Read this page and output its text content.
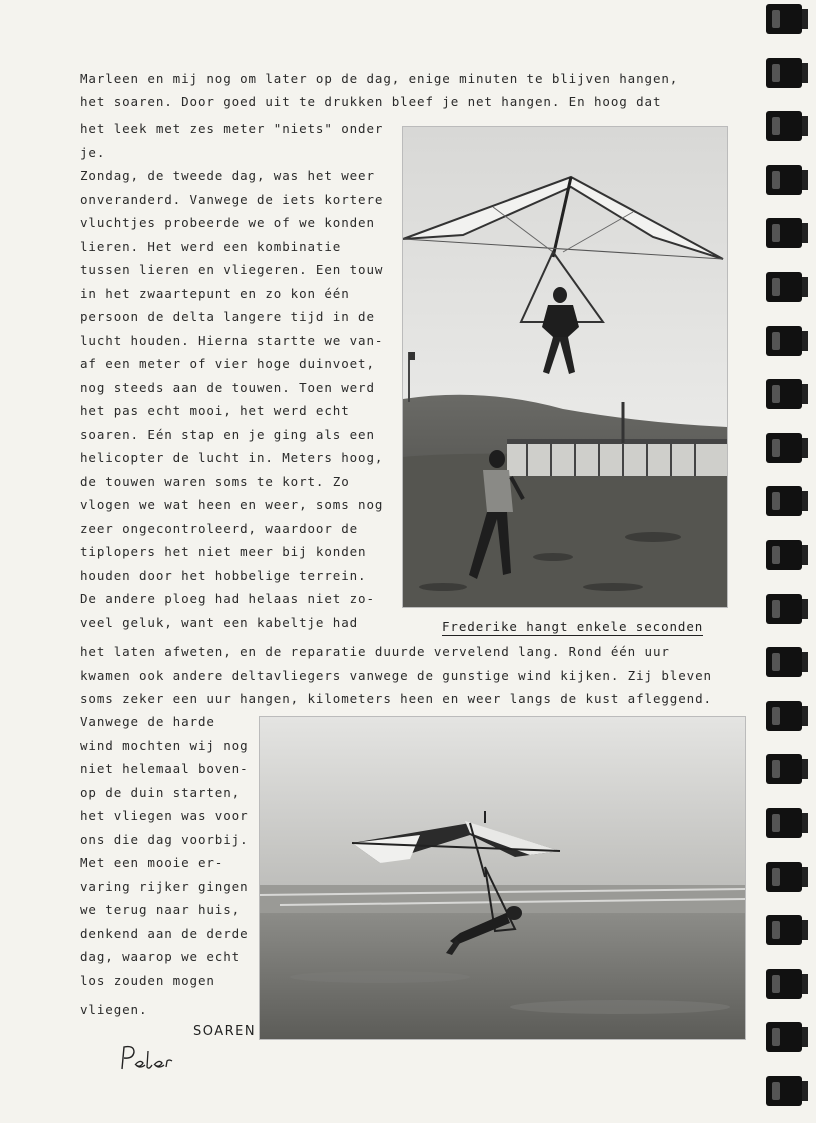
Marleen en mij nog om later op de dag, enige minuten te blijven hangen,
het soaren. Door goed uit te drukken bleef je net hangen. En hoog dat
het leek met zes meter "niets" onder
je.
Zondag, de tweede dag, was het weer
onveranderd. Vanwege de iets kortere
vluchtjes probeerde we of we konden
lieren. Het werd een kombinatie
tussen lieren en vliegeren. Een touw
in het zwaartepunt en zo kon één
persoon de delta langere tijd in de
lucht houden. Hierna startte we van-
af een meter of vier hoge duinvoet,
nog steeds aan de touwen. Toen werd
het pas echt mooi, het werd echt
soaren. Eén stap en je ging als een
helicopter de lucht in. Meters hoog,
de touwen waren soms te kort. Zo
vlogen we wat heen en weer, soms nog
zeer ongecontroleerd, waardoor de
tiplopers het niet meer bij konden
houden door het hobbelige terrein.
De andere ploeg had helaas niet zo-
veel geluk, want een kabeltje had	Frederike hangt enkele seconden
het laten afweten, en de reparatie duurde vervelend lang. Rond één uur
kwamen ook andere deltavliegers vanwege de gunstige wind kijken. Zij bleven
soms zeker een uur hangen, kilometers heen en weer langs de kust afleggend.
Vanwege de harde
wind mochten wij nog
niet helemaal boven-
op de duin starten,
het vliegen was voor
ons die dag voorbij.
Met een mooie er-
varing rijker gingen
we terug naar huis,
denkend aan de derde
dag, waarop we echt
los zouden mogen
vliegen.
SOAREN
